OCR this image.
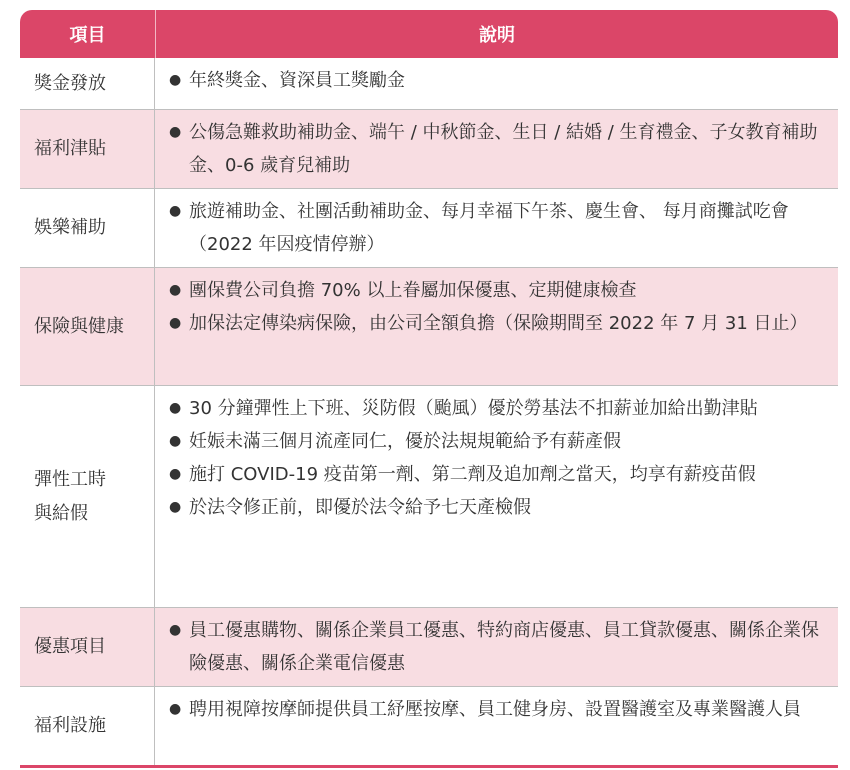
項目	說明
獎金發放	● 年終獎金、資深員工獎勵金
福利津貼
● 公傷急難救助補助金、端午 / 中秋節金、生日 / 結婚 / 生育禮金、子女教育補助金、0-6 歲育兒補助
娛樂補助
● 旅遊補助金、社團活動補助金、每月幸福下午茶、慶生會、 每月商攤試吃會（2022 年因疫情停辦）
保險與健康
● 團保費公司負擔 70% 以上眷屬加保優惠、定期健康檢查
● 加保法定傳染病保險，由公司全額負擔（保險期間至 2022 年 7 月 31 日止）
彈性工時
與給假
● 30 分鐘彈性上下班、災防假（颱風）優於勞基法不扣薪並加給出勤津貼
● 妊娠未滿三個月流產同仁，優於法規規範給予有薪產假
● 施打 COVID-19 疫苗第一劑、第二劑及追加劑之當天，均享有薪疫苗假
● 於法令修正前，即優於法令給予七天產檢假
優惠項目
● 員工優惠購物、關係企業員工優惠、特約商店優惠、員工貸款優惠、關係企業保險優惠、關係企業電信優惠
福利設施
● 聘用視障按摩師提供員工紓壓按摩、員工健身房、設置醫護室及專業醫護人員
